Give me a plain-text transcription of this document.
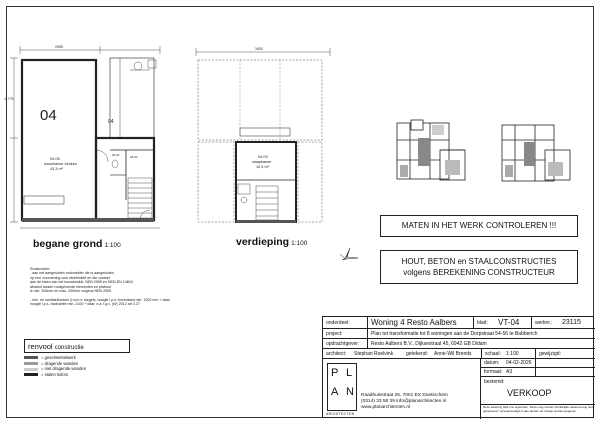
04	04
2055
11775
04-06
woonkamer keuken
43,3 m²
04-01	04-02
3400
04-09
slaapkamer
10,5 m²
begane grond 1:100	verdieping 1:100
MATEN IN HET WERK CONTROLEREN !!!
HOUT, BETON en STAALCONSTRUCTIES
volgens BEREKENING CONSTRUCTEUR
Rookmelder:
- aan net aangesloten rookmelder die is aangesloten
op een voorziening voor elektriciteit en die voldoet
aan de eisen van het bouwbesluit, NEN 2555 en NEN-EN 14604
afstand tussen rookgevende elementen en plafond
is min. 300mm en max. 200mm volgens NEN 2555

- min. en sanitair/keuken (r.d.m.v. toegels, hoogte l.p.s. bovenkant min. 1200 mm + daar,
hoogte l.p.s. badruimte min. 2100 + daar, e.a. t.g.v. (W) 2012 art 3.27
renvool constructie
= gevelmetselwerk
= dragende wanden
= niet dragende wanden
= stalen kolom
onderdeel:	Woning 4 Resto Aalbers	blad:	VT-04	werknr.:	23115
project:	Plan tot transformatie tot 8 woningen aan de Dorpstraat 54-56 te Babberich
opdrachtgever:	Resto Aalbers B.V., Dijksestraat 45, 6942 GB Didam
architect:	Stephan Roelvink	getekend:	Anne-Wil Brends	schaal:	1:100	gewijzigd:
P L
A N
ARCHITECTEN
Raadhuisstraat 25, 7001 EX Doetinchem
(0314) 33 58 39 info@planarchitecten.nl
www.planarchitecten.nl
datum:	04-02-2026
formaat: A3
bestemd:
VERKOOP
Deze tekening blijft ons eigendom. Deze mag zonder schriftelijke toestemming niet gekopieerd, verveelvoudigd of aan derden ter inzage worden gegeven.
